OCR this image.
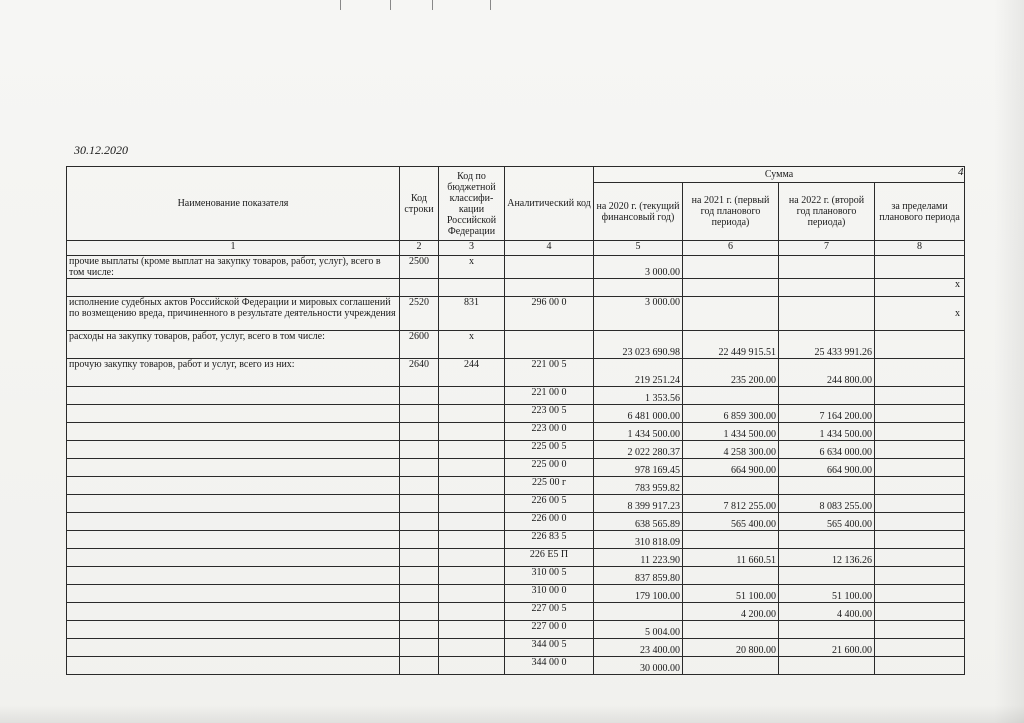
30.12.2020
4
Наименование показателя	Код строки	Код по бюджетной классифи- кации Российской Федерации	Аналитический код	Сумма			
				на 2020 г. (текущий финансовый год)	на 2021 г. (первый год планового периода)	на 2022 г. (второй год планового периода)	за пределами планового периода
1	2	3	4	5	6	7	8
прочие выплаты (кроме выплат на закупку товаров, работ, услуг), всего в том числе:	2500	x		3 000.00			
							x
исполнение судебных актов Российской Федерации и мировых соглашений по возмещению вреда, причиненного в результате деятельности учреждения	2520	831	296 00 0	3 000.00			x
расходы на закупку товаров, работ, услуг, всего в том числе:	2600	x		23 023 690.98	22 449 915.51	25 433 991.26	
прочую закупку товаров, работ и услуг, всего из них:	2640	244	221 00 5	219 251.24	235 200.00	244 800.00	
			221 00 0	1 353.56			
			223 00 5	6 481 000.00	6 859 300.00	7 164 200.00	
			223 00 0	1 434 500.00	1 434 500.00	1 434 500.00	
			225 00 5	2 022 280.37	4 258 300.00	6 634 000.00	
			225 00 0	978 169.45	664 900.00	664 900.00	
			225 00 г	783 959.82			
			226 00 5	8 399 917.23	7 812 255.00	8 083 255.00	
			226 00 0	638 565.89	565 400.00	565 400.00	
			226 83 5	310 818.09			
			226 E5 П	11 223.90	11 660.51	12 136.26	
			310 00 5	837 859.80			
			310 00 0	179 100.00	51 100.00	51 100.00	
			227 00 5		4 200.00	4 400.00	
			227 00 0	5 004.00			
			344 00 5	23 400.00	20 800.00	21 600.00	
			344 00 0	30 000.00			
